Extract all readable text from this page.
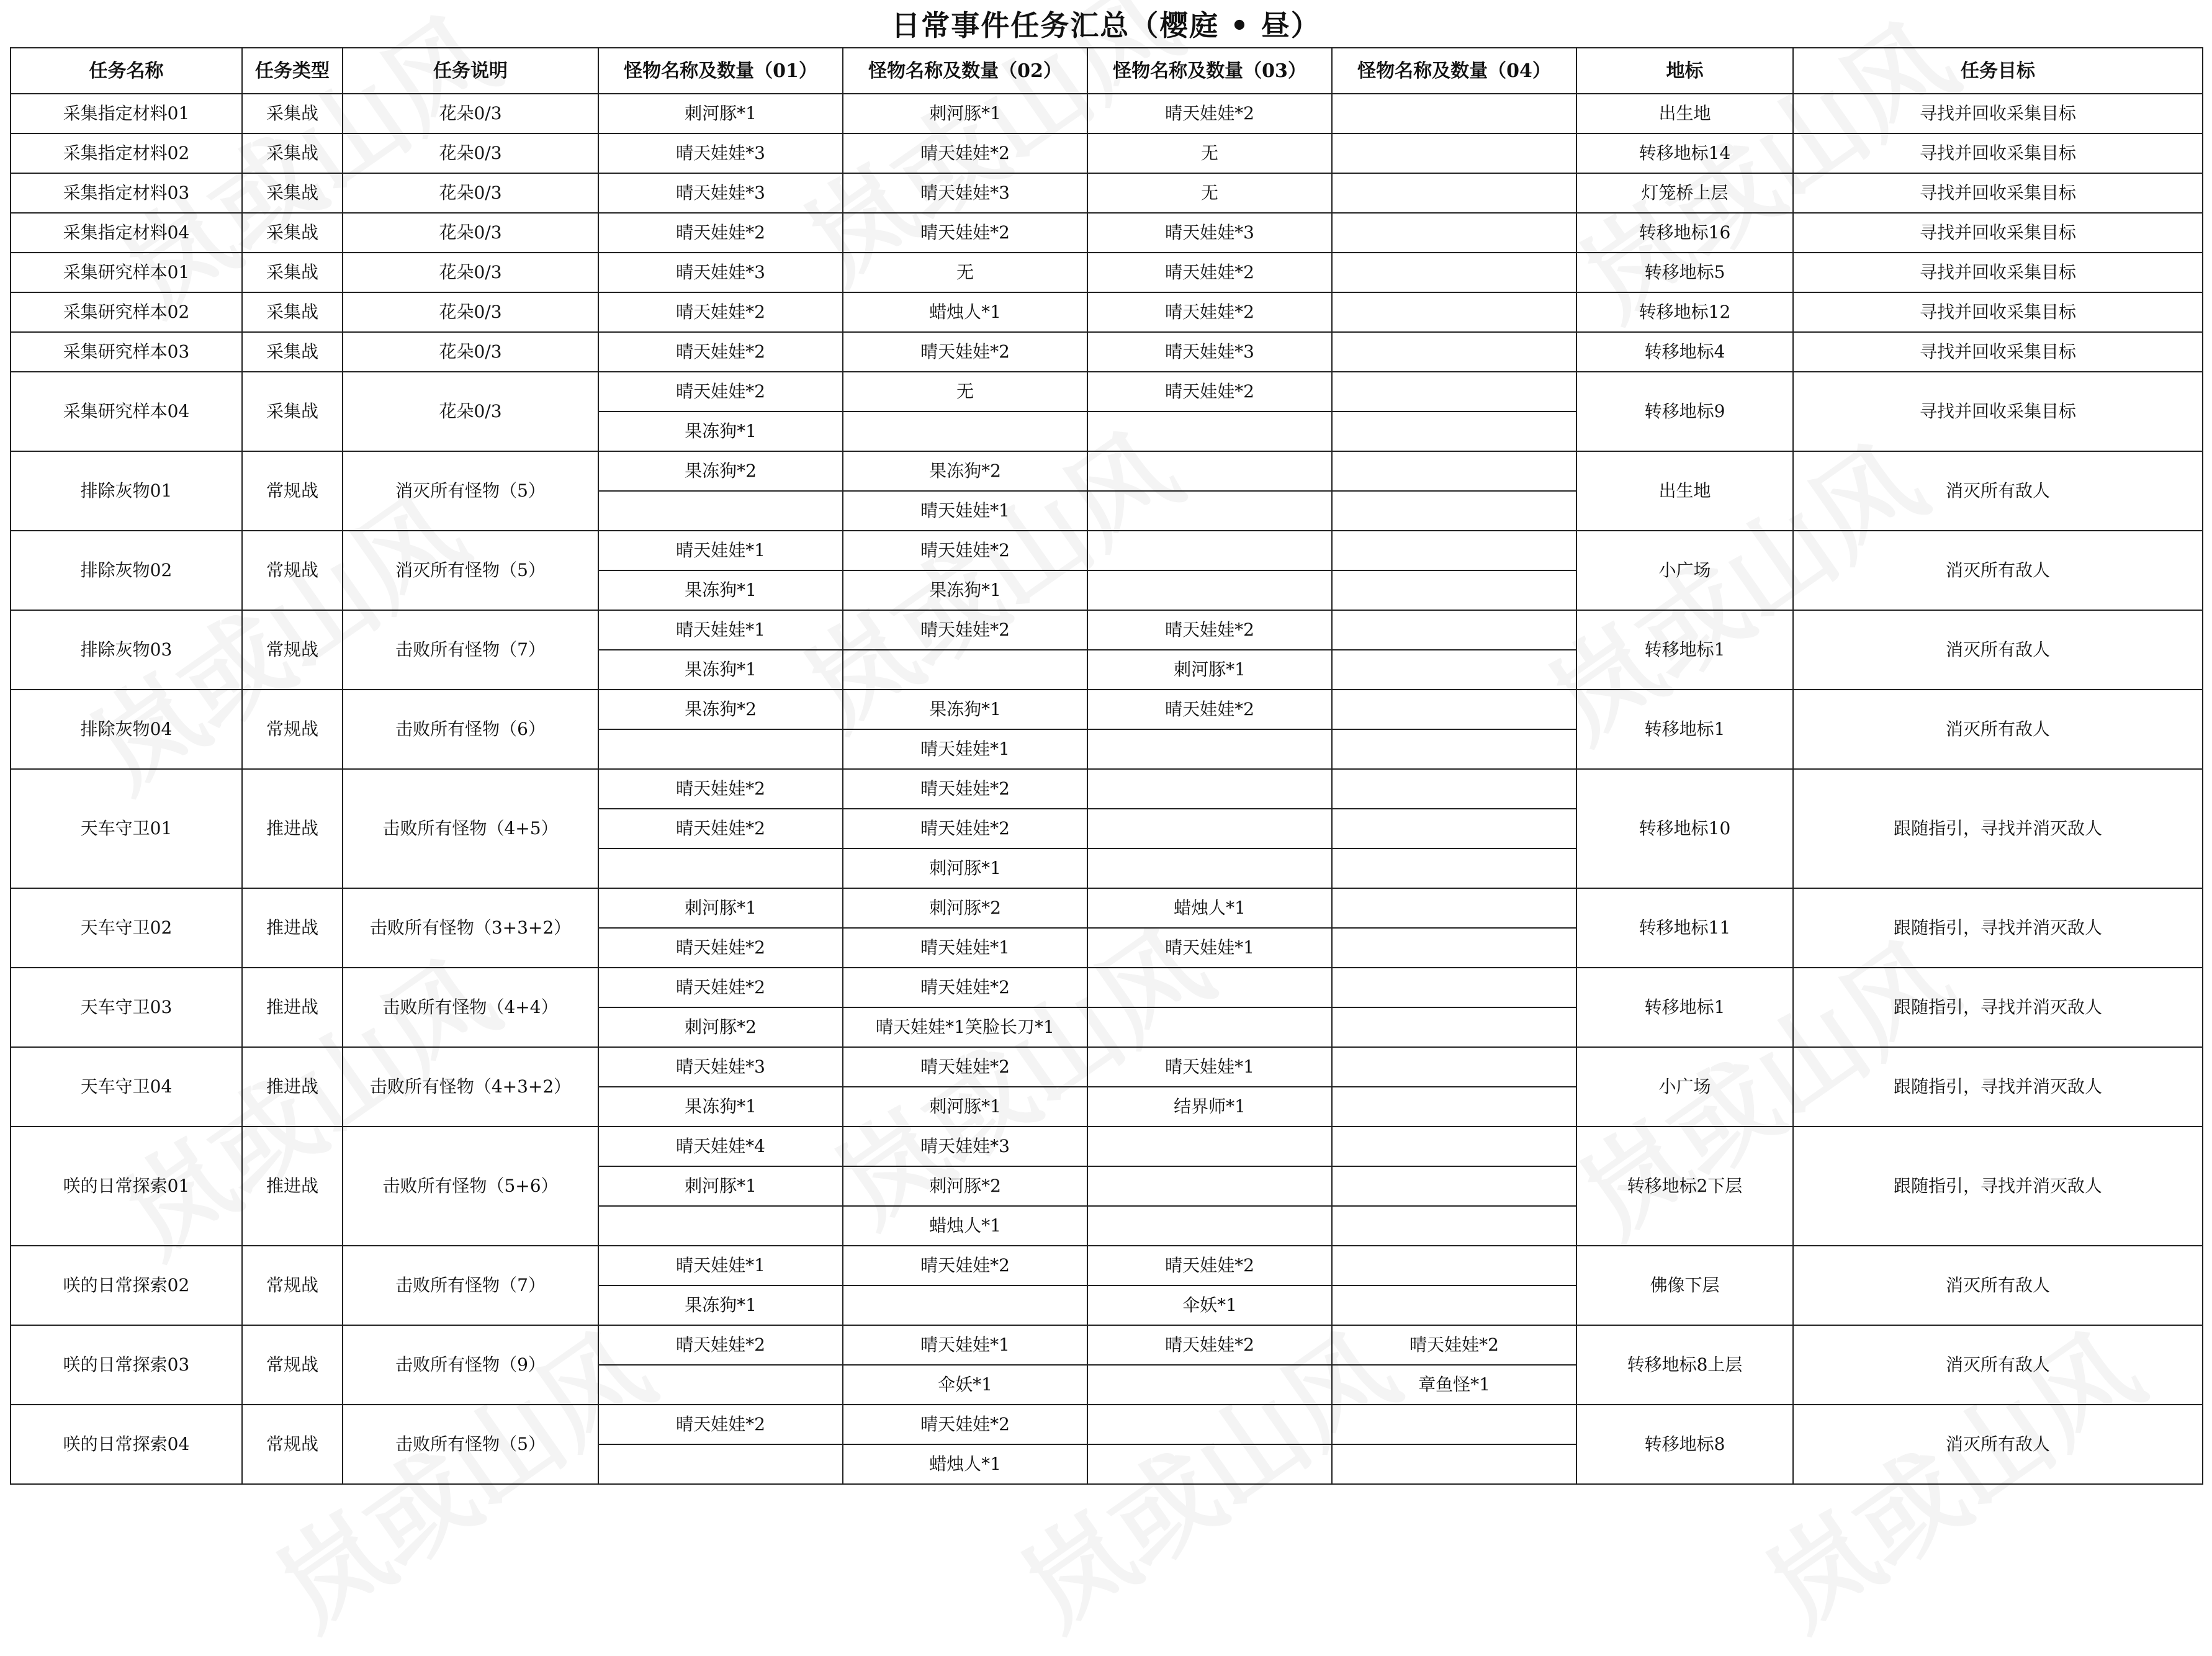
日常事件任务汇总（樱庭 • 昼）
任务名称	任务类型	任务说明	怪物名称及数量（01）	怪物名称及数量（02）	怪物名称及数量（03）	怪物名称及数量（04）	地标	任务目标
采集指定材料01	采集战	花朵0/3	刺河豚*1	刺河豚*1	晴天娃娃*2		出生地	寻找并回收采集目标
采集指定材料02	采集战	花朵0/3	晴天娃娃*3	晴天娃娃*2	无		转移地标14	寻找并回收采集目标
采集指定材料03	采集战	花朵0/3	晴天娃娃*3	晴天娃娃*3	无		灯笼桥上层	寻找并回收采集目标
采集指定材料04	采集战	花朵0/3	晴天娃娃*2	晴天娃娃*2	晴天娃娃*3		转移地标16	寻找并回收采集目标
采集研究样本01	采集战	花朵0/3	晴天娃娃*3	无	晴天娃娃*2		转移地标5	寻找并回收采集目标
采集研究样本02	采集战	花朵0/3	晴天娃娃*2	蜡烛人*1	晴天娃娃*2		转移地标12	寻找并回收采集目标
采集研究样本03	采集战	花朵0/3	晴天娃娃*2	晴天娃娃*2	晴天娃娃*3		转移地标4	寻找并回收采集目标
采集研究样本04	采集战	花朵0/3	晴天娃娃*2	无	晴天娃娃*2		转移地标9	寻找并回收采集目标
			果冻狗*1					
排除灰物01	常规战	消灭所有怪物（5）	果冻狗*2	果冻狗*2			出生地	消灭所有敌人
				晴天娃娃*1				
排除灰物02	常规战	消灭所有怪物（5）	晴天娃娃*1	晴天娃娃*2			小广场	消灭所有敌人
			果冻狗*1	果冻狗*1				
排除灰物03	常规战	击败所有怪物（7）	晴天娃娃*1	晴天娃娃*2	晴天娃娃*2		转移地标1	消灭所有敌人
			果冻狗*1		刺河豚*1			
排除灰物04	常规战	击败所有怪物（6）	果冻狗*2	果冻狗*1	晴天娃娃*2		转移地标1	消灭所有敌人
				晴天娃娃*1				
天车守卫01	推进战	击败所有怪物（4+5）	晴天娃娃*2	晴天娃娃*2			转移地标10	跟随指引，寻找并消灭敌人
			晴天娃娃*2	晴天娃娃*2				
				刺河豚*1				
天车守卫02	推进战	击败所有怪物（3+3+2）	刺河豚*1	刺河豚*2	蜡烛人*1		转移地标11	跟随指引，寻找并消灭敌人
			晴天娃娃*2	晴天娃娃*1	晴天娃娃*1			
天车守卫03	推进战	击败所有怪物（4+4）	晴天娃娃*2	晴天娃娃*2			转移地标1	跟随指引，寻找并消灭敌人
			刺河豚*2	晴天娃娃*1笑脸长刀*1				
天车守卫04	推进战	击败所有怪物（4+3+2）	晴天娃娃*3	晴天娃娃*2	晴天娃娃*1		小广场	跟随指引，寻找并消灭敌人
			果冻狗*1	刺河豚*1	结界师*1			
咲的日常探索01	推进战	击败所有怪物（5+6）	晴天娃娃*4	晴天娃娃*3			转移地标2下层	跟随指引，寻找并消灭敌人
			刺河豚*1	刺河豚*2				
				蜡烛人*1				
咲的日常探索02	常规战	击败所有怪物（7）	晴天娃娃*1	晴天娃娃*2	晴天娃娃*2		佛像下层	消灭所有敌人
			果冻狗*1		伞妖*1			
咲的日常探索03	常规战	击败所有怪物（9）	晴天娃娃*2	晴天娃娃*1	晴天娃娃*2	晴天娃娃*2	转移地标8上层	消灭所有敌人
				伞妖*1		章鱼怪*1		
咲的日常探索04	常规战	击败所有怪物（5）	晴天娃娃*2	晴天娃娃*2			转移地标8	消灭所有敌人
				蜡烛人*1				
